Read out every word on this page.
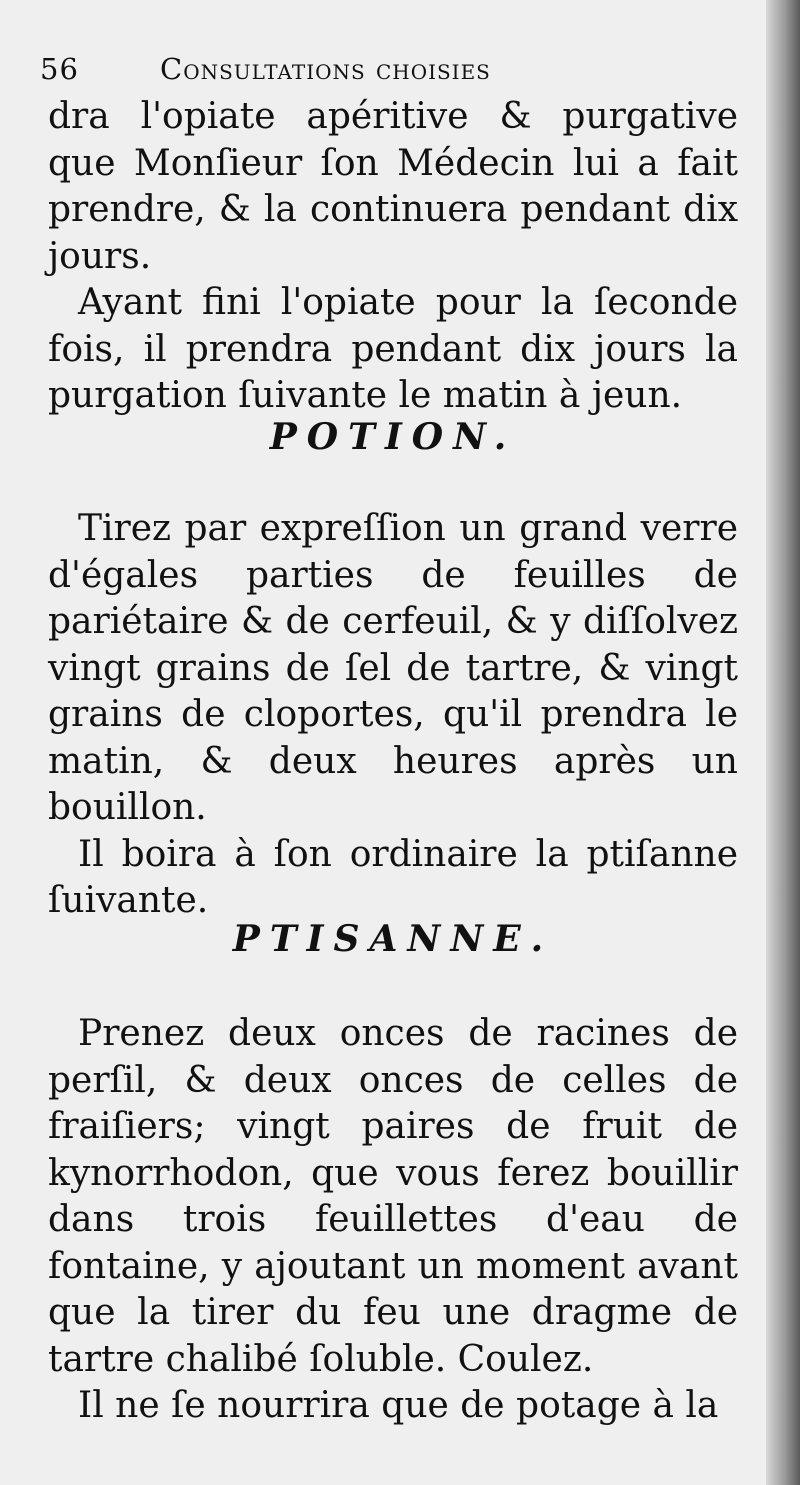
56	Consultations choisies

dra l'opiate apéritive & purgative que Monſieur ſon Médecin lui a fait prendre, & la continuera pendant dix jours.

Ayant fini l'opiate pour la ſeconde fois, il prendra pendant dix jours la purgation ſuivante le matin à jeun.

POTION.

Tirez par expreſſion un grand verre d'égales parties de feuilles de pariétaire & de cerfeuil, & y diſſolvez vingt grains de ſel de tartre, & vingt grains de cloportes, qu'il prendra le matin, & deux heures après un bouillon.

Il boira à ſon ordinaire la ptiſanne ſuivante.

PTISANNE.

Prenez deux onces de racines de perſil, & deux onces de celles de fraiſiers; vingt paires de fruit de kynorrhodon, que vous ferez bouillir dans trois feuillettes d'eau de fontaine, y ajoutant un moment avant que la tirer du feu une dragme de tartre chalibé ſoluble. Coulez.

Il ne ſe nourrira que de potage à la
